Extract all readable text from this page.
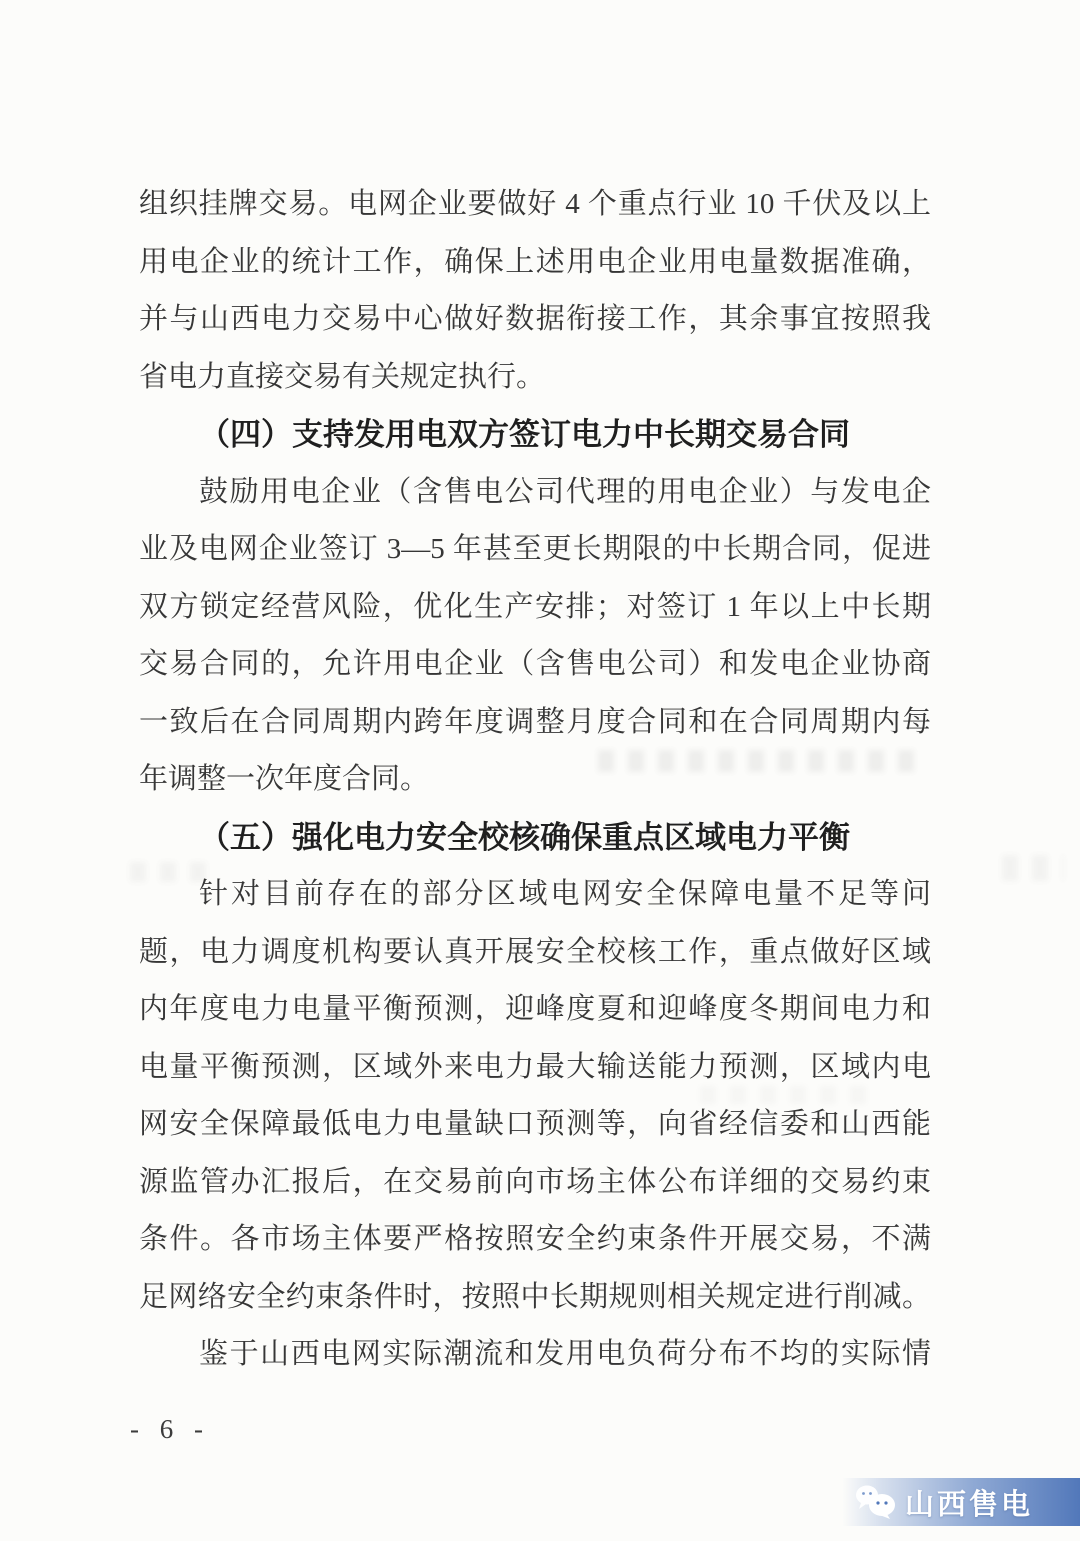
组织挂牌交易。电网企业要做好 4 个重点行业 10 千伏及以上
用电企业的统计工作，确保上述用电企业用电量数据准确，
并与山西电力交易中心做好数据衔接工作，其余事宜按照我
省电力直接交易有关规定执行。
（四）支持发用电双方签订电力中长期交易合同
鼓励用电企业（含售电公司代理的用电企业）与发电企
业及电网企业签订 3—5 年甚至更长期限的中长期合同，促进
双方锁定经营风险，优化生产安排；对签订 1 年以上中长期
交易合同的，允许用电企业（含售电公司）和发电企业协商
一致后在合同周期内跨年度调整月度合同和在合同周期内每
年调整一次年度合同。
（五）强化电力安全校核确保重点区域电力平衡
针对目前存在的部分区域电网安全保障电量不足等问
题，电力调度机构要认真开展安全校核工作，重点做好区域
内年度电力电量平衡预测，迎峰度夏和迎峰度冬期间电力和
电量平衡预测，区域外来电力最大输送能力预测，区域内电
网安全保障最低电力电量缺口预测等，向省经信委和山西能
源监管办汇报后，在交易前向市场主体公布详细的交易约束
条件。各市场主体要严格按照安全约束条件开展交易，不满
足网络安全约束条件时，按照中长期规则相关规定进行削减。
鉴于山西电网实际潮流和发用电负荷分布不均的实际情
- 6 -
山西售电
